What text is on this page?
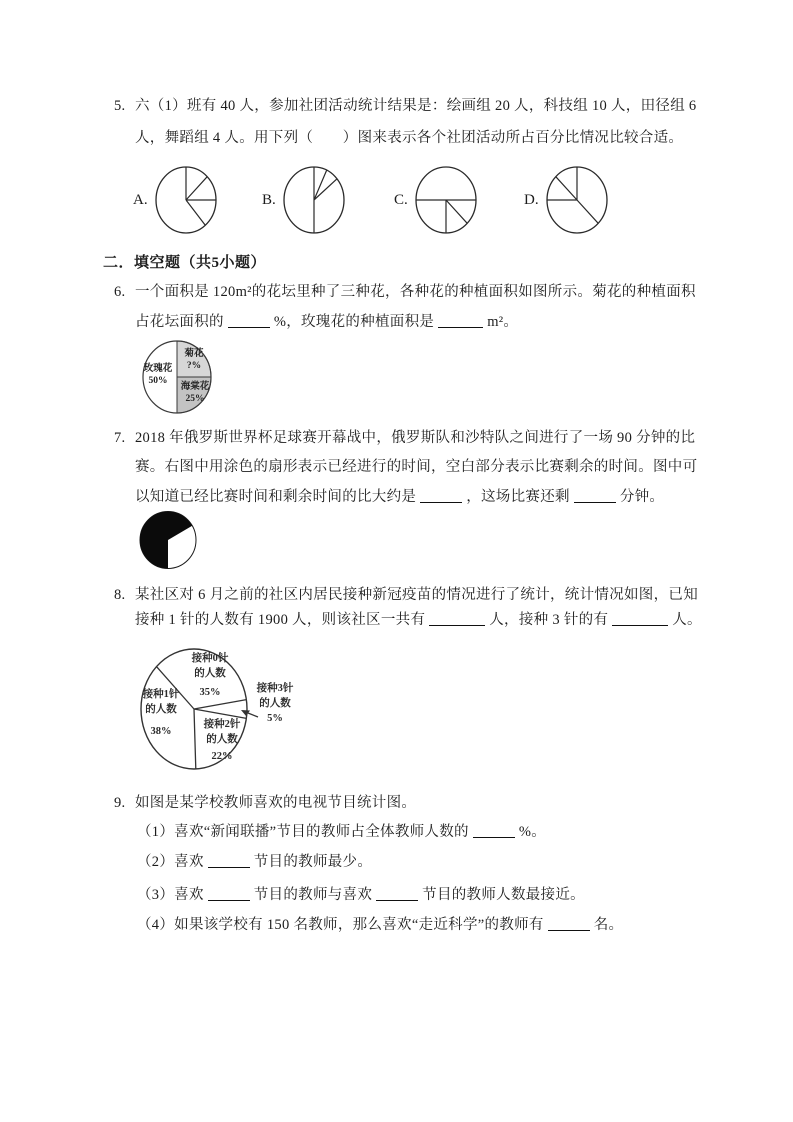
5. 六（1）班有 40 人，参加社团活动统计结果是：绘画组 20 人，科技组 10 人，田径组 6
人，舞蹈组 4 人。用下列（　　）图来表示各个社团活动所占百分比情况比较合适。
A.	B.	C.	D.
二．填空题（共5小题）
6. 一个面积是 120m²的花坛里种了三种花，各种花的种植面积如图所示。菊花的种植面积
占花坛面积的	%，玫瑰花的种植面积是	m²。
玫瑰花
50%
菊花
?%
海棠花
25%
7. 2018 年俄罗斯世界杯足球赛开幕战中，俄罗斯队和沙特队之间进行了一场 90 分钟的比
赛。右图中用涂色的扇形表示已经进行的时间，空白部分表示比赛剩余的时间。图中可
以知道已经比赛时间和剩余时间的比大约是	，这场比赛还剩	分钟。
8. 某社区对 6 月之前的社区内居民接种新冠疫苗的情况进行了统计，统计情况如图，已知
接种 1 针的人数有 1900 人，则该社区一共有	人，接种 3 针的有	人。
接种0针
的人数
35%
接种1针
的人数
38%
接种2针
的人数
22%
接种3针
的人数
5%
9. 如图是某学校教师喜欢的电视节目统计图。
（1）喜欢“新闻联播”节目的教师占全体教师人数的	%。
（2）喜欢	节目的教师最少。
（3）喜欢	节目的教师与喜欢	节目的教师人数最接近。
（4）如果该学校有 150 名教师，那么喜欢“走近科学”的教师有	名。
